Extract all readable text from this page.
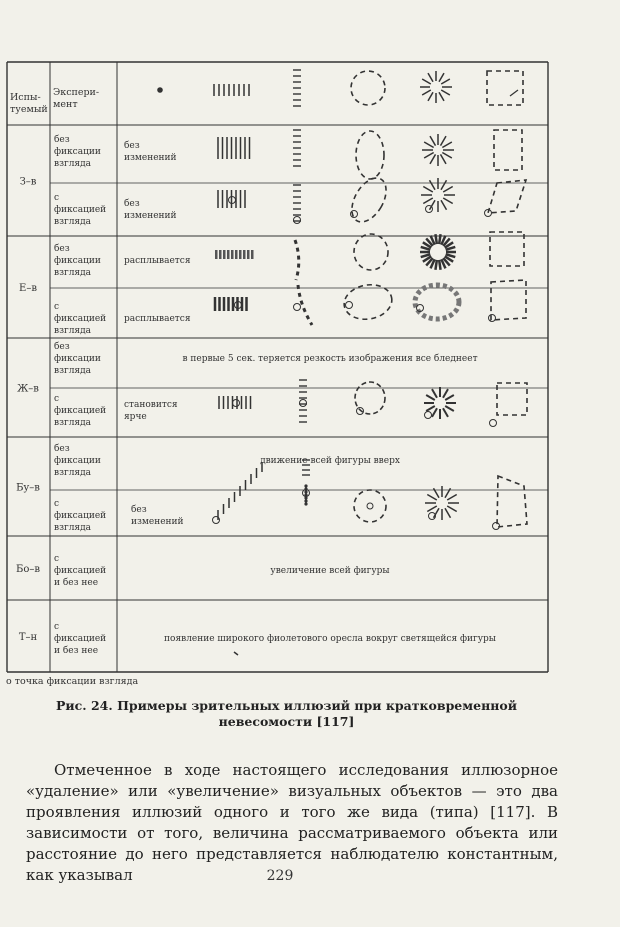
Испы-туемый
Экспери-мент
З–в
без фиксации взгляда
без изменений
с фиксацией взгляда
без изменений
Е–в
без фиксации взгляда
расплывается
с фиксацией взгляда
расплывается
Ж–в
без фиксации взгляда
в первые 5 сек. теряется резкость изображения все бледнеет
с фиксацией взгляда
становится ярче
Бу–в
без фиксации взгляда
движение всей фигуры вверх
с фиксацией взгляда
без изменений
Бо–в
с фиксацией и без нее
увеличение всей фигуры
Т–н
с фиксацией и без нее
появление широкого фиолетового оресла вокруг светящейся фигуры
о точка фиксации взгляда
Рис. 24. Примеры зрительных иллюзий при кратковременной невесомости [117]

Отмеченное в ходе настоящего исследования иллюзорное «удаление» или «увеличение» визуальных объектов — это два проявления иллюзий одного и того же вида (типа) [117]. В зависимости от того, величина рассматриваемого объекта или расстояние до него представляется наблюдателю константным, как указывал	229
